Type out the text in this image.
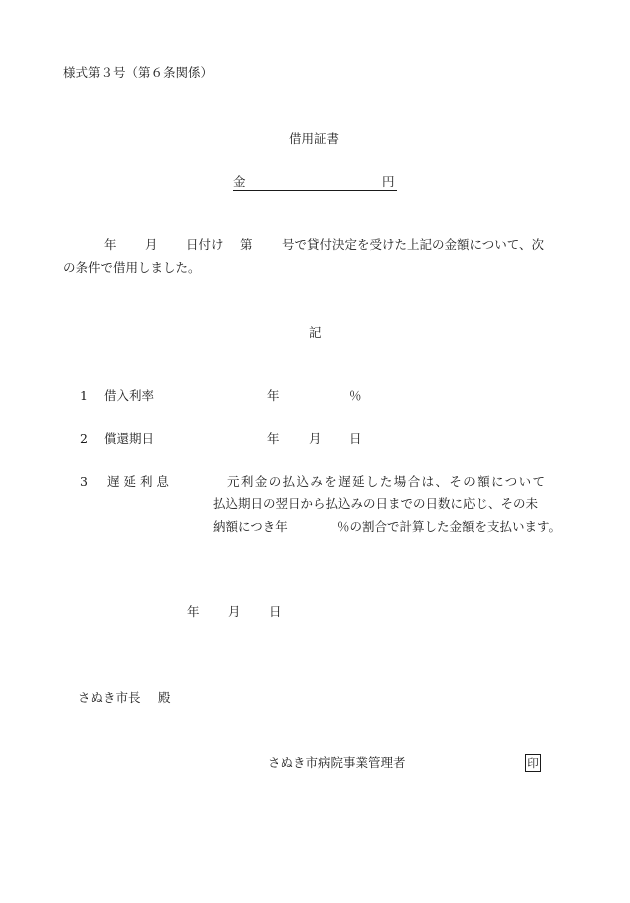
様式第３号（第６条関係）
借用証書
金	円
年 月 日付け 第 号で貸付決定を受けた上記の金額について、次
の条件で借用しました。
記
1 借入利率	年	％
2 償還期日	年 月 日
3 遅 延 利 息	元利金の払込みを遅延した場合は、その額について
払込期日の翌日から払込みの日までの日数に応じ、その未
納額につき年	％の割合で計算した金額を支払います。
年 月 日
さぬき市長 殿
さぬき市病院事業管理者	印
